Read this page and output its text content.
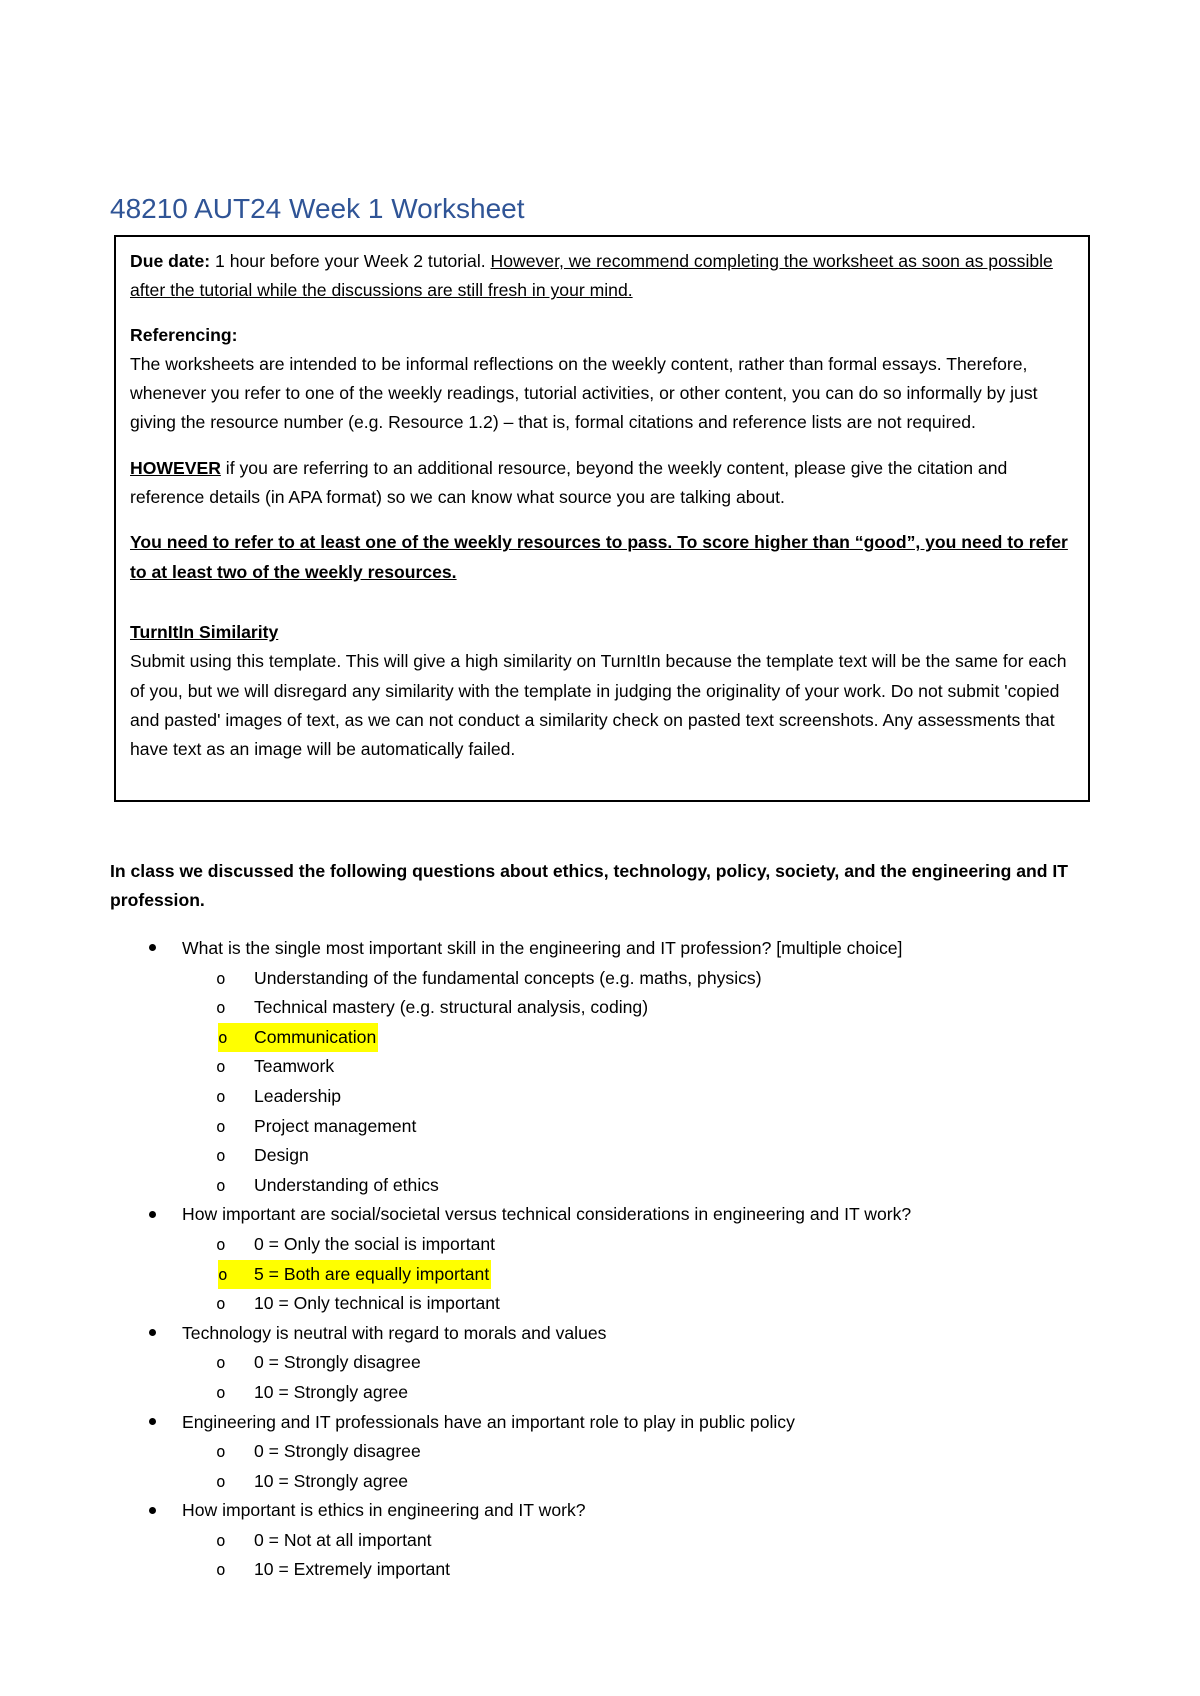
48210 AUT24 Week 1 Worksheet

Due date: 1 hour before your Week 2 tutorial. However, we recommend completing the worksheet as soon as possible after the tutorial while the discussions are still fresh in your mind.

Referencing:

The worksheets are intended to be informal reflections on the weekly content, rather than formal essays. Therefore, whenever you refer to one of the weekly readings, tutorial activities, or other content, you can do so informally by just giving the resource number (e.g. Resource 1.2) – that is, formal citations and reference lists are not required.

HOWEVER if you are referring to an additional resource, beyond the weekly content, please give the citation and reference details (in APA format) so we can know what source you are talking about.

You need to refer to at least one of the weekly resources to pass. To score higher than “good”, you need to refer to at least two of the weekly resources.

TurnItIn Similarity

Submit using this template. This will give a high similarity on TurnItIn because the template text will be the same for each of you, but we will disregard any similarity with the template in judging the originality of your work. Do not submit 'copied and pasted' images of text, as we can not conduct a similarity check on pasted text screenshots. Any assessments that have text as an image will be automatically failed.

In class we discussed the following questions about ethics, technology, policy, society, and the engineering and IT profession.

What is the single most important skill in the engineering and IT profession? [multiple choice]
o Understanding of the fundamental concepts (e.g. maths, physics)
o Technical mastery (e.g. structural analysis, coding)
o Communication
o Teamwork
o Leadership
o Project management
o Design
o Understanding of ethics
How important are social/societal versus technical considerations in engineering and IT work?
o 0 = Only the social is important
o 5 = Both are equally important
o 10 = Only technical is important
Technology is neutral with regard to morals and values
o 0 = Strongly disagree
o 10 = Strongly agree
Engineering and IT professionals have an important role to play in public policy
o 0 = Strongly disagree
o 10 = Strongly agree
How important is ethics in engineering and IT work?
o 0 = Not at all important
o 10 = Extremely important
